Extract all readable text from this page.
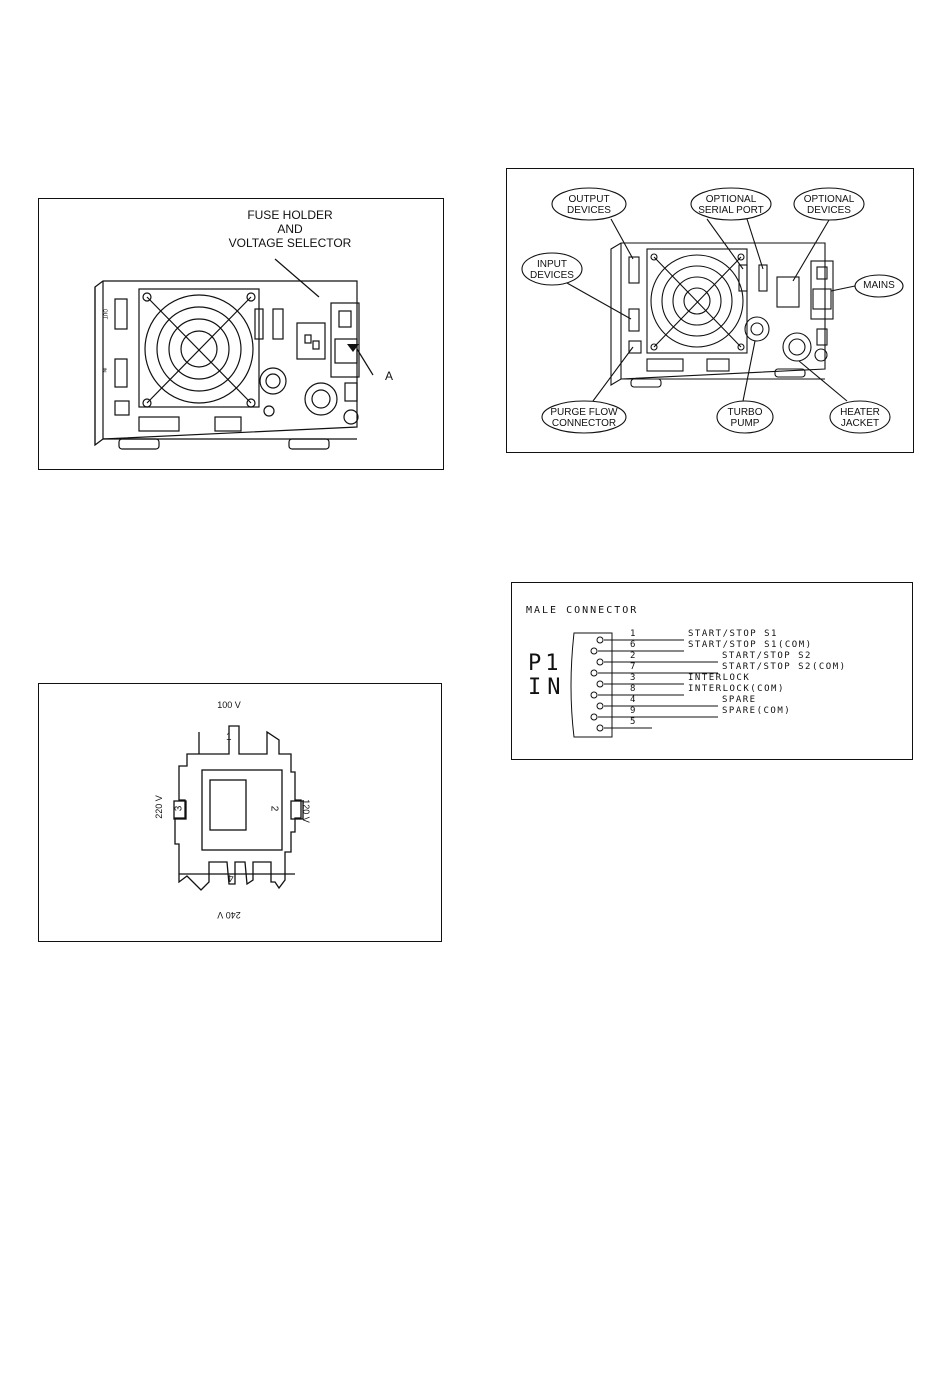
FUSE HOLDER
AND
VOLTAGE SELECTOR
A
OUT
IN
OUTPUT
DEVICES
OPTIONAL
SERIAL PORT
OPTIONAL
DEVICES
INPUT
DEVICES
MAINS
PURGE FLOW
CONNECTOR
TURBO
PUMP
HEATER
JACKET
100 V
220 V	120 V
240 V
1
2
3
4
MALE CONNECTOR
P1
IN
1	START/STOP S1
6	START/STOP S1(COM)
2	START/STOP S2
7	START/STOP S2(COM)
3	INTERLOCK
8	INTERLOCK(COM)
4	SPARE
9	SPARE(COM)
5
